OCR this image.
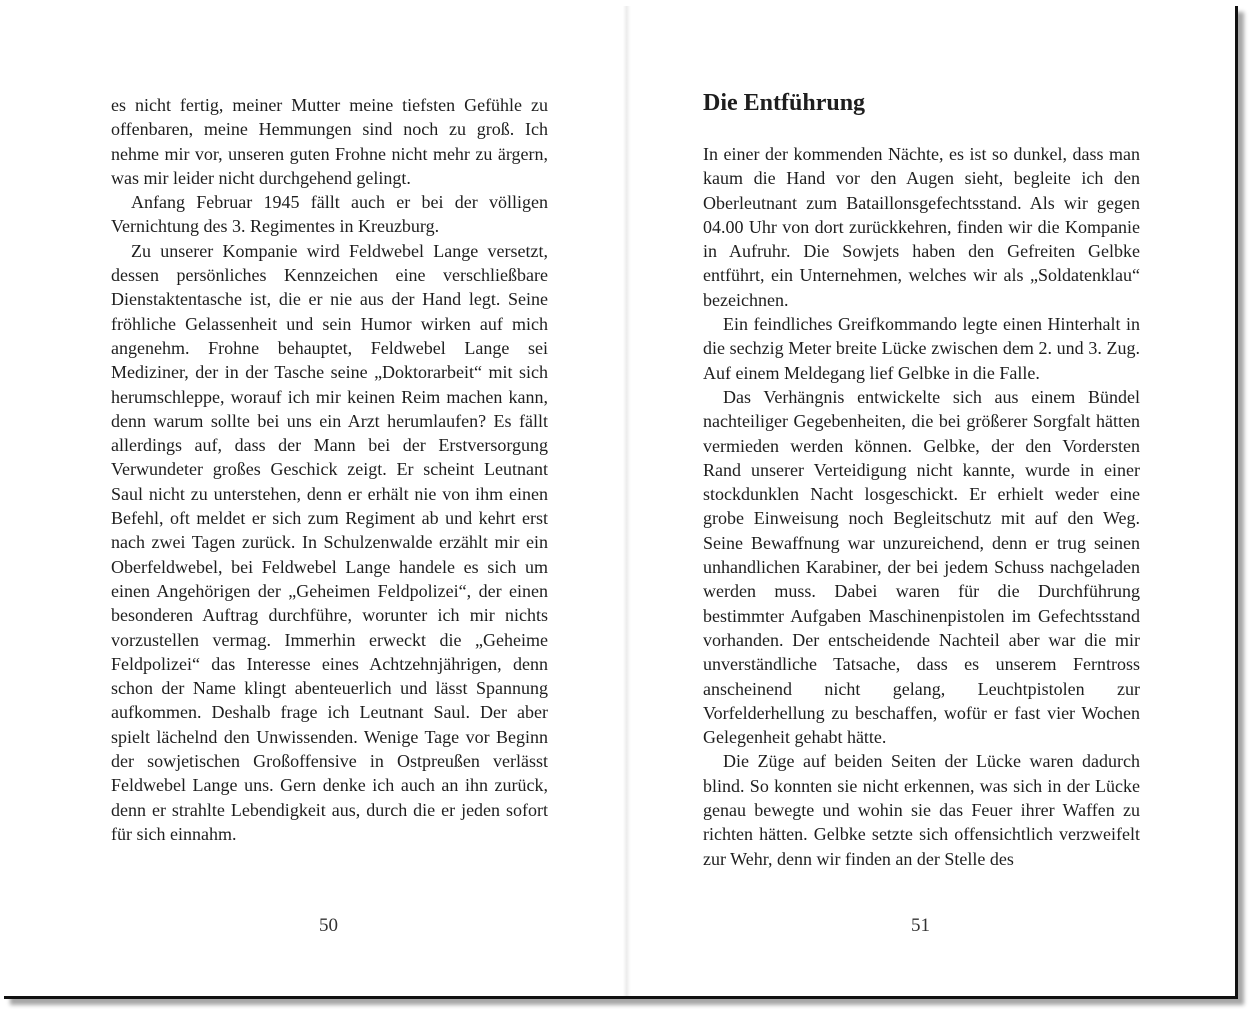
es nicht fertig, meiner Mutter meine tiefsten Gefühle zu offenbaren, meine Hemmungen sind noch zu groß. Ich nehme mir vor, unseren guten Frohne nicht mehr zu ärgern, was mir leider nicht durchgehend gelingt.

Anfang Februar 1945 fällt auch er bei der völligen Vernichtung des 3. Regimentes in Kreuzburg.

Zu unserer Kompanie wird Feldwebel Lange versetzt, dessen persönliches Kennzeichen eine verschließbare Dienstaktentasche ist, die er nie aus der Hand legt. Seine fröhliche Gelassenheit und sein Humor wirken auf mich angenehm. Frohne behauptet, Feldwebel Lange sei Mediziner, der in der Tasche seine „Doktorarbeit“ mit sich herumschleppe, worauf ich mir keinen Reim machen kann, denn warum sollte bei uns ein Arzt herumlaufen? Es fällt allerdings auf, dass der Mann bei der Erstversorgung Verwundeter großes Geschick zeigt. Er scheint Leutnant Saul nicht zu unterstehen, denn er erhält nie von ihm einen Befehl, oft meldet er sich zum Regiment ab und kehrt erst nach zwei Tagen zurück. In Schulzenwalde erzählt mir ein Oberfeldwebel, bei Feldwebel Lange handele es sich um einen Angehörigen der „Geheimen Feldpolizei“, der einen besonderen Auftrag durchführe, worunter ich mir nichts vorzustellen vermag. Immerhin erweckt die „Geheime Feldpolizei“ das Interesse eines Achtzehnjährigen, denn schon der Name klingt abenteuerlich und lässt Spannung aufkommen. Deshalb frage ich Leutnant Saul. Der aber spielt lächelnd den Unwissenden. Wenige Tage vor Beginn der sowjetischen Großoffensive in Ostpreußen verlässt Feldwebel Lange uns. Gern denke ich auch an ihn zurück, denn er strahlte Lebendigkeit aus, durch die er jeden sofort für sich einnahm.

50
Die Entführung

In einer der kommenden Nächte, es ist so dunkel, dass man kaum die Hand vor den Augen sieht, begleite ich den Oberleutnant zum Bataillonsgefechtsstand. Als wir gegen 04.00 Uhr von dort zurückkehren, finden wir die Kompanie in Aufruhr. Die Sowjets haben den Gefreiten Gelbke entführt, ein Unternehmen, welches wir als „Soldatenklau“ bezeichnen.

Ein feindliches Greifkommando legte einen Hinterhalt in die sechzig Meter breite Lücke zwischen dem 2. und 3. Zug. Auf einem Meldegang lief Gelbke in die Falle.

Das Verhängnis entwickelte sich aus einem Bündel nachteiliger Gegebenheiten, die bei größerer Sorgfalt hätten vermieden werden können. Gelbke, der den Vordersten Rand unserer Verteidigung nicht kannte, wurde in einer stockdunklen Nacht losgeschickt. Er erhielt weder eine grobe Einweisung noch Begleitschutz mit auf den Weg. Seine Bewaffnung war unzureichend, denn er trug seinen unhandlichen Karabiner, der bei jedem Schuss nachgeladen werden muss. Dabei waren für die Durchführung bestimmter Aufgaben Maschinenpistolen im Gefechtsstand vorhanden. Der entscheidende Nachteil aber war die mir unverständliche Tatsache, dass es unserem Ferntross anscheinend nicht gelang, Leuchtpistolen zur Vorfelderhellung zu beschaffen, wofür er fast vier Wochen Gelegenheit gehabt hätte.

Die Züge auf beiden Seiten der Lücke waren dadurch blind. So konnten sie nicht erkennen, was sich in der Lücke genau bewegte und wohin sie das Feuer ihrer Waffen zu richten hätten. Gelbke setzte sich offensichtlich verzweifelt zur Wehr, denn wir finden an der Stelle des

51
